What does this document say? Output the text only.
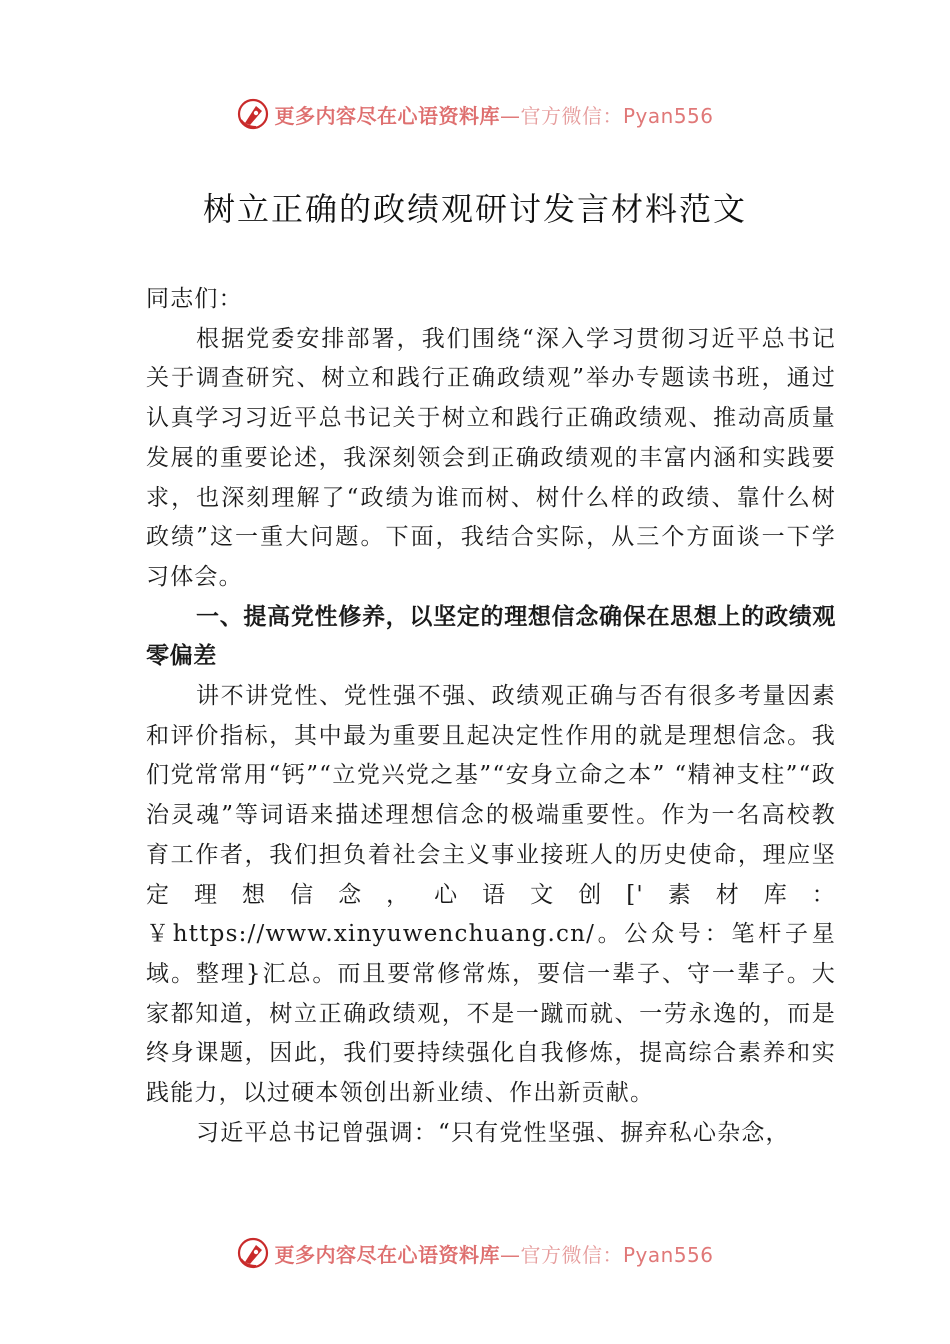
更多内容尽在心语资料库—官方微信：Pyan556
树立正确的政绩观研讨发言材料范文

同志们：

根据党委安排部署，我们围绕“深入学习贯彻习近平总书记关于调查研究、树立和践行正确政绩观”举办专题读书班，通过认真学习习近平总书记关于树立和践行正确政绩观、推动高质量发展的重要论述，我深刻领会到正确政绩观的丰富内涵和实践要求，也深刻理解了“政绩为谁而树、树什么样的政绩、靠什么树政绩”这一重大问题。下面，我结合实际，从三个方面谈一下学习体会。

一、提高党性修养，以坚定的理想信念确保在思想上的政绩观零偏差

讲不讲党性、党性强不强、政绩观正确与否有很多考量因素和评价指标，其中最为重要且起决定性作用的就是理想信念。我们党常常用“钙”“立党兴党之基”“安身立命之本” “精神支柱”“政治灵魂”等词语来描述理想信念的极端重要性。作为一名高校教育工作者，我们担负着社会主义事业接班人的历史使命，理应坚定理想信念，心语文创['素材库：￥https://www.xinyuwenchuang.cn/。公众号：笔杆子星域。整理}汇总。而且要常修常炼，要信一辈子、守一辈子。大家都知道，树立正确政绩观，不是一蹴而就、一劳永逸的，而是终身课题，因此，我们要持续强化自我修炼，提高综合素养和实践能力，以过硬本领创出新业绩、作出新贡献。

习近平总书记曾强调：“只有党性坚强、摒弃私心杂念，

更多内容尽在心语资料库—官方微信：Pyan556
